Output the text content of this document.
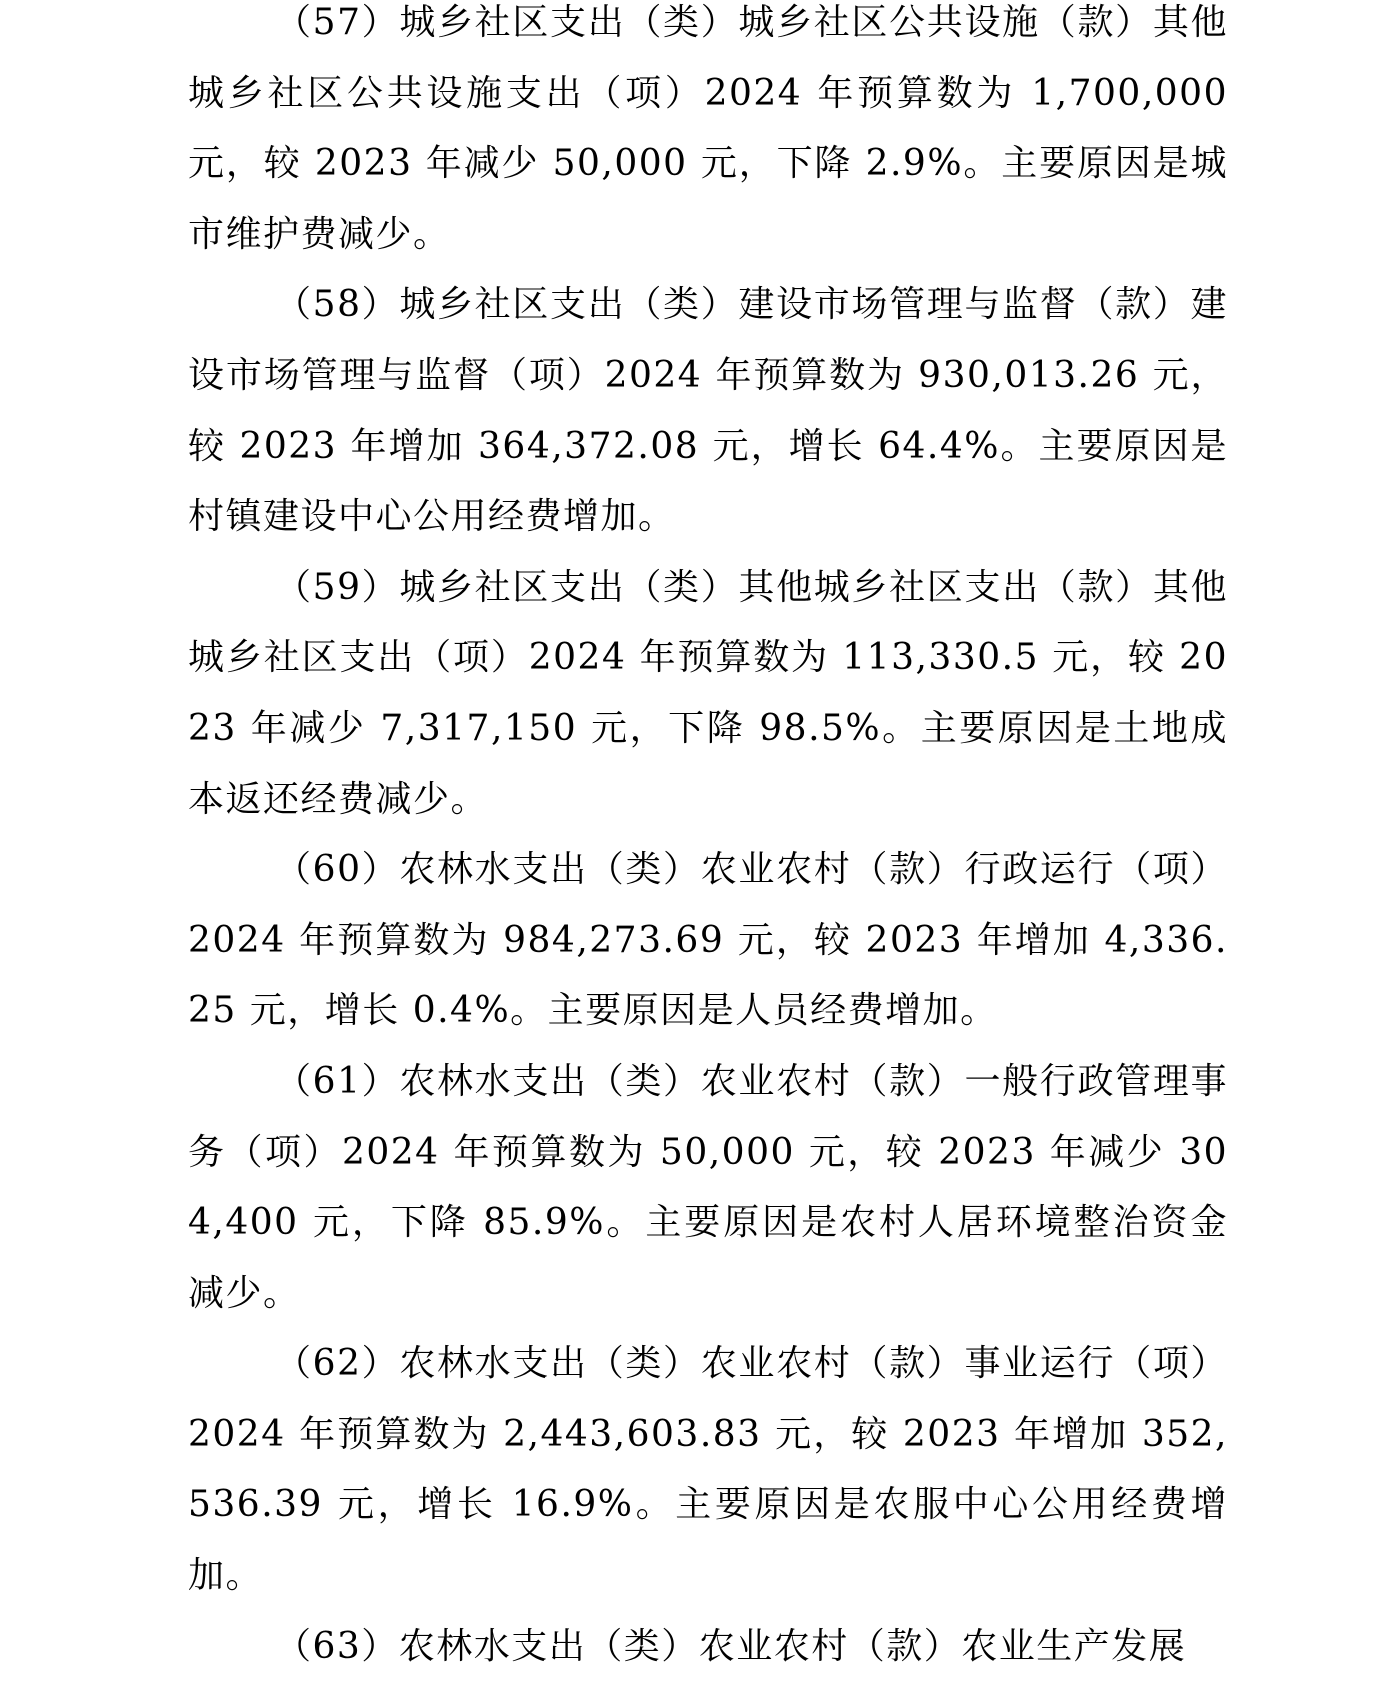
（57）城乡社区支出（类）城乡社区公共设施（款）其他城乡社区公共设施支出（项）2024 年预算数为 1,700,000 元，较 2023 年减少 50,000 元，下降 2.9%。主要原因是城市维护费减少。

（58）城乡社区支出（类）建设市场管理与监督（款）建设市场管理与监督（项）2024 年预算数为 930,013.26 元，较 2023 年增加 364,372.08 元，增长 64.4%。主要原因是村镇建设中心公用经费增加。

（59）城乡社区支出（类）其他城乡社区支出（款）其他城乡社区支出（项）2024 年预算数为 113,330.5 元，较 2023 年减少 7,317,150 元，下降 98.5%。主要原因是土地成本返还经费减少。

（60）农林水支出（类）农业农村（款）行政运行（项）2024 年预算数为 984,273.69 元，较 2023 年增加 4,336.25 元，增长 0.4%。主要原因是人员经费增加。

（61）农林水支出（类）农业农村（款）一般行政管理事务（项）2024 年预算数为 50,000 元，较 2023 年减少 304,400 元，下降 85.9%。主要原因是农村人居环境整治资金减少。

（62）农林水支出（类）农业农村（款）事业运行（项）2024 年预算数为 2,443,603.83 元，较 2023 年增加 352,536.39 元，增长 16.9%。主要原因是农服中心公用经费增加。

（63）农林水支出（类）农业农村（款）农业生产发展
